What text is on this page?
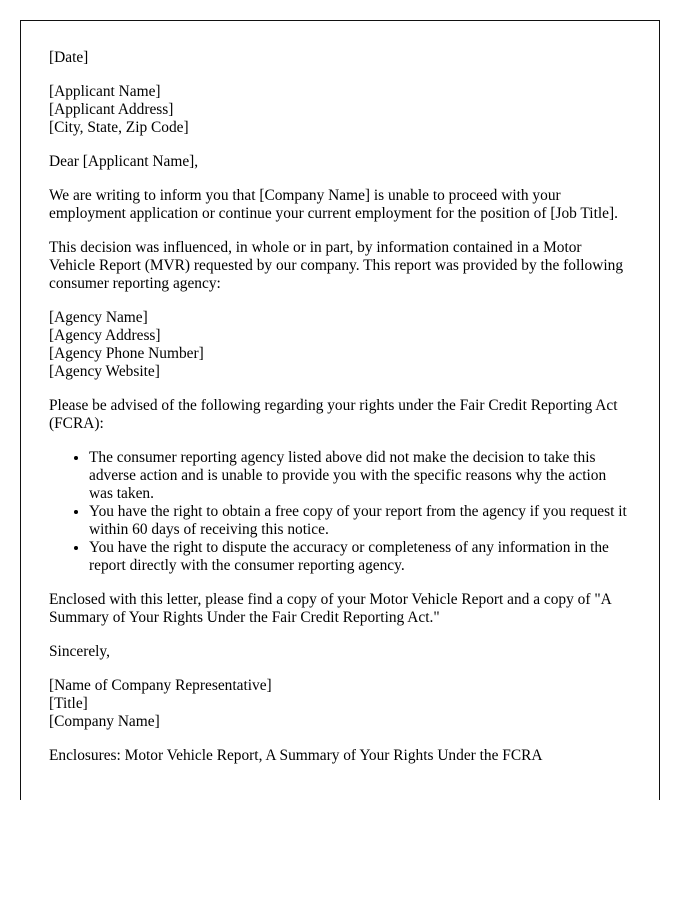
[Date]

[Applicant Name]
[Applicant Address]
[City, State, Zip Code]

Dear [Applicant Name],

We are writing to inform you that [Company Name] is unable to proceed with your employment application or continue your current employment for the position of [Job Title].

This decision was influenced, in whole or in part, by information contained in a Motor Vehicle Report (MVR) requested by our company. This report was provided by the following consumer reporting agency:

[Agency Name]
[Agency Address]
[Agency Phone Number]
[Agency Website]

Please be advised of the following regarding your rights under the Fair Credit Reporting Act (FCRA):

• The consumer reporting agency listed above did not make the decision to take this adverse action and is unable to provide you with the specific reasons why the action was taken.
• You have the right to obtain a free copy of your report from the agency if you request it within 60 days of receiving this notice.
• You have the right to dispute the accuracy or completeness of any information in the report directly with the consumer reporting agency.

Enclosed with this letter, please find a copy of your Motor Vehicle Report and a copy of "A Summary of Your Rights Under the Fair Credit Reporting Act."

Sincerely,

[Name of Company Representative]
[Title]
[Company Name]

Enclosures: Motor Vehicle Report, A Summary of Your Rights Under the FCRA
